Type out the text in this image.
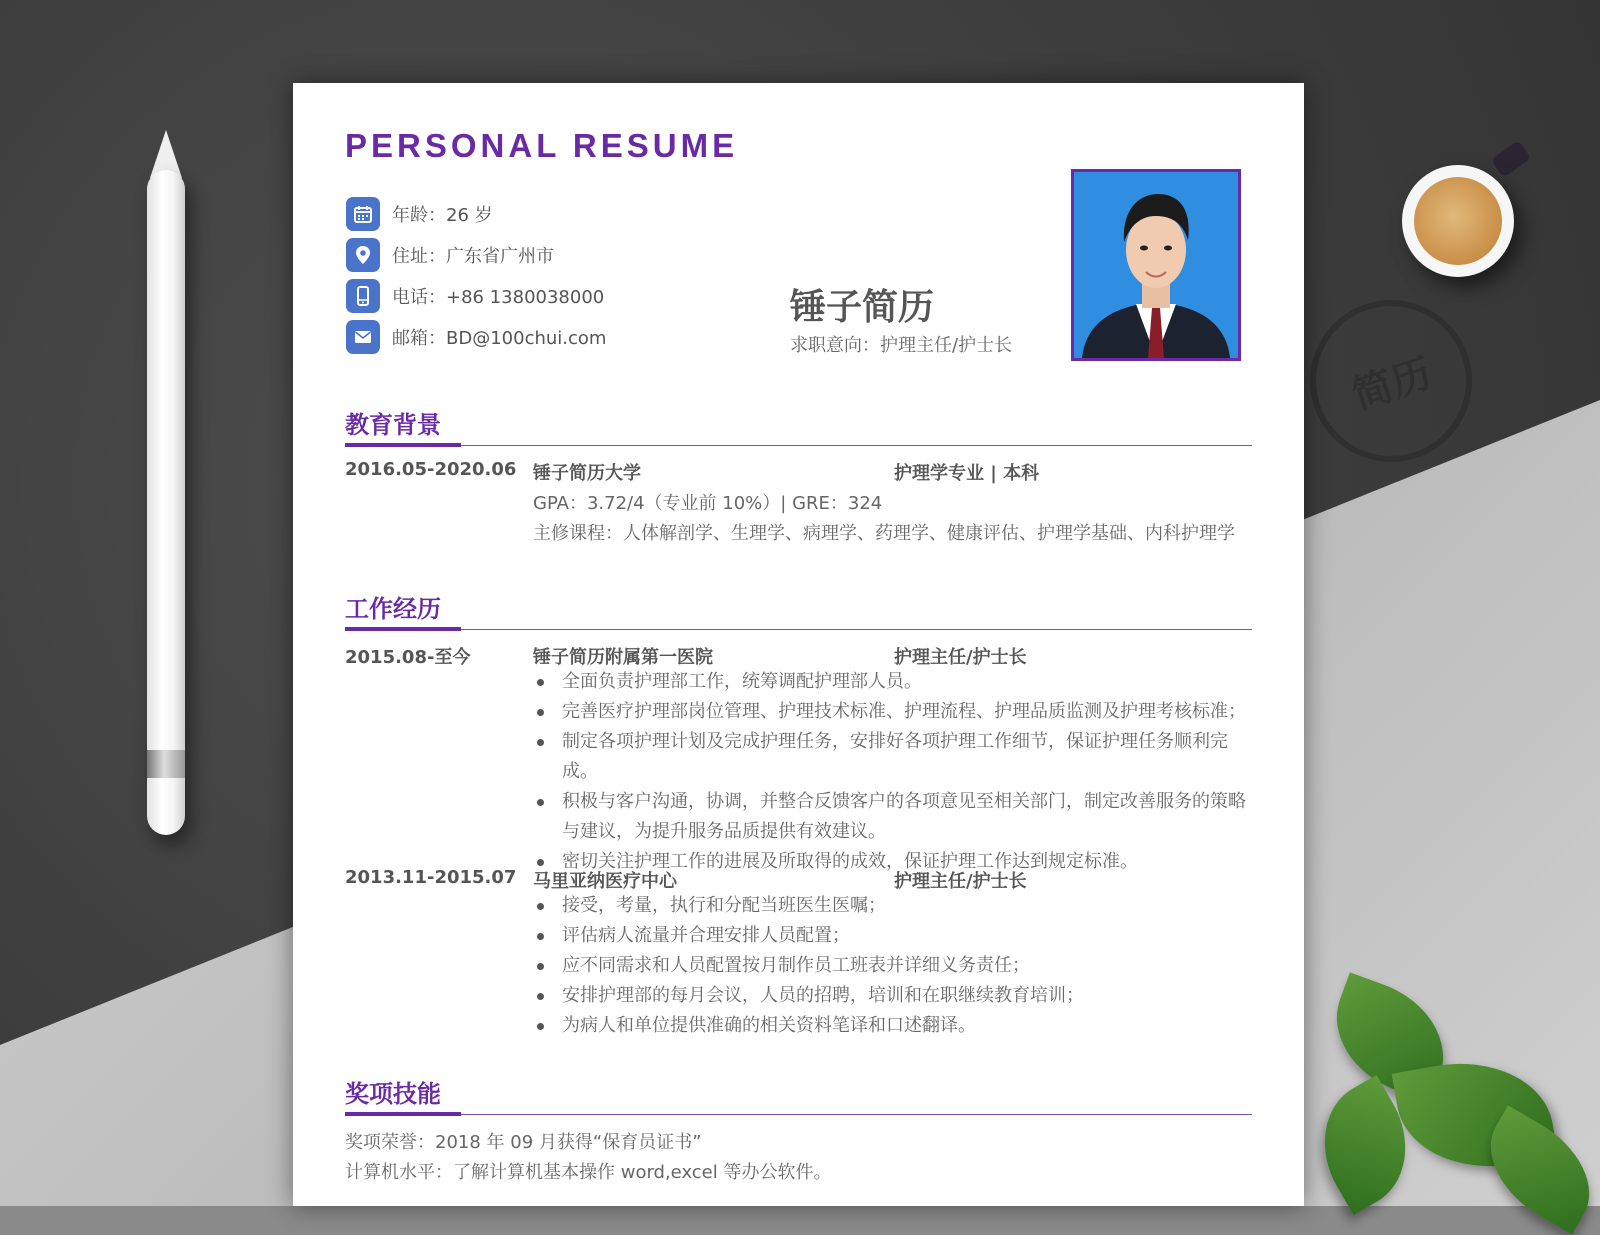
简历
PERSONAL RESUME
年龄：26 岁
住址：广东省广州市
电话：+86 1380038000
邮箱：BD@100chui.com
锤子简历
求职意向：护理主任/护士长
教育背景
2016.05-2020.06 锤子简历大学	护理学专业 | 本科
GPA：3.72/4（专业前 10%）| GRE：324
主修课程：人体解剖学、生理学、病理学、药理学、健康评估、护理学基础、内科护理学
工作经历
2015.08-至今	锤子简历附属第一医院	护理主任/护士长
全面负责护理部工作，统筹调配护理部人员。
完善医疗护理部岗位管理、护理技术标准、护理流程、护理品质监测及护理考核标准；
制定各项护理计划及完成护理任务，安排好各项护理工作细节，保证护理任务顺利完成。
积极与客户沟通，协调，并整合反馈客户的各项意见至相关部门，制定改善服务的策略与建议，为提升服务品质提供有效建议。
密切关注护理工作的进展及所取得的成效，保证护理工作达到规定标准。
2013.11-2015.07 马里亚纳医疗中心	护理主任/护士长
接受，考量，执行和分配当班医生医嘱；
评估病人流量并合理安排人员配置；
应不同需求和人员配置按月制作员工班表并详细义务责任；
安排护理部的每月会议，人员的招聘，培训和在职继续教育培训；
为病人和单位提供准确的相关资料笔译和口述翻译。
奖项技能
奖项荣誉：2018 年 09 月获得“保育员证书”
计算机水平：了解计算机基本操作 word,excel 等办公软件。
